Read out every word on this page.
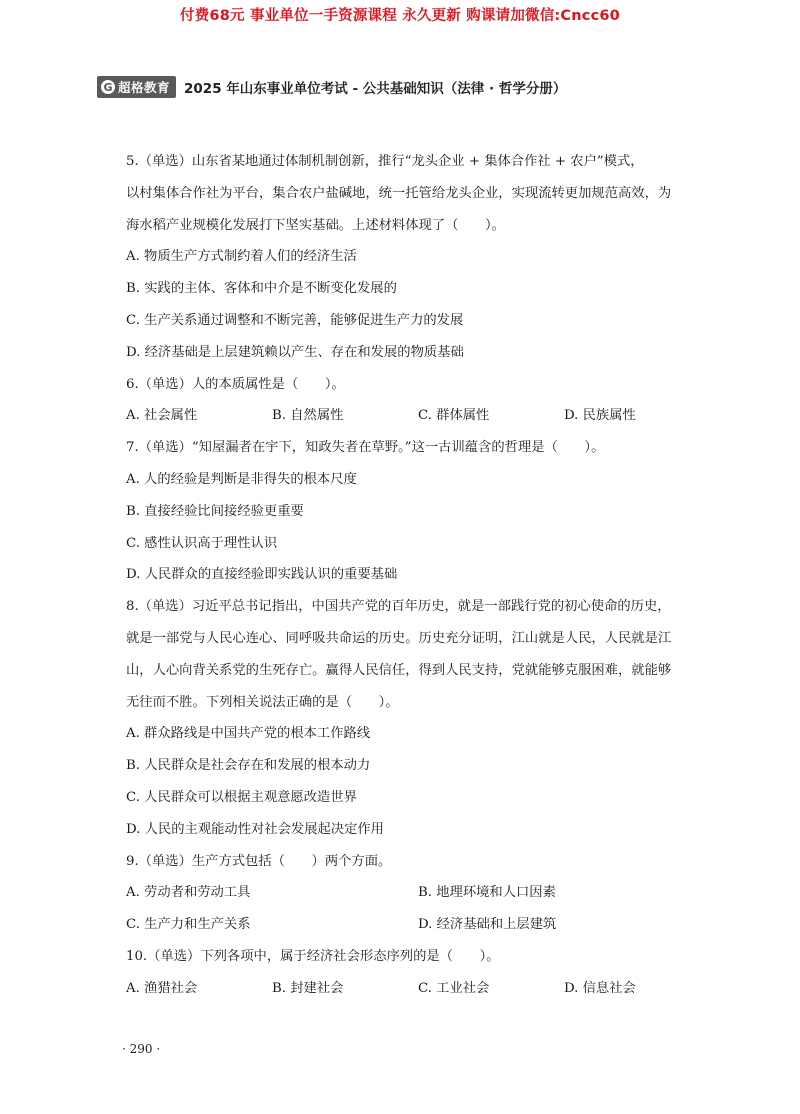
付费68元 事业单位一手资源课程 永久更新 购课请加微信:Cncc60
G 超格教育 2025 年山东事业单位考试 - 公共基础知识（法律 · 哲学分册）

5.（单选）山东省某地通过体制机制创新，推行“龙头企业 + 集体合作社 + 农户”模式，

以村集体合作社为平台，集合农户盐碱地，统一托管给龙头企业，实现流转更加规范高效，为

海水稻产业规模化发展打下坚实基础。上述材料体现了（　　）。

A. 物质生产方式制约着人们的经济生活

B. 实践的主体、客体和中介是不断变化发展的

C. 生产关系通过调整和不断完善，能够促进生产力的发展

D. 经济基础是上层建筑赖以产生、存在和发展的物质基础

6.（单选）人的本质属性是（　　）。

A. 社会属性	B. 自然属性	C. 群体属性	D. 民族属性

7.（单选）“知屋漏者在宇下，知政失者在草野。”这一古训蕴含的哲理是（　　）。

A. 人的经验是判断是非得失的根本尺度

B. 直接经验比间接经验更重要

C. 感性认识高于理性认识

D. 人民群众的直接经验即实践认识的重要基础

8.（单选）习近平总书记指出，中国共产党的百年历史，就是一部践行党的初心使命的历史，

就是一部党与人民心连心、同呼吸共命运的历史。历史充分证明，江山就是人民，人民就是江

山，人心向背关系党的生死存亡。赢得人民信任，得到人民支持，党就能够克服困难，就能够

无往而不胜。下列相关说法正确的是（　　）。

A. 群众路线是中国共产党的根本工作路线

B. 人民群众是社会存在和发展的根本动力

C. 人民群众可以根据主观意愿改造世界

D. 人民的主观能动性对社会发展起决定作用

9.（单选）生产方式包括（　　）两个方面。

A. 劳动者和劳动工具	B. 地理环境和人口因素
C. 生产力和生产关系	D. 经济基础和上层建筑

10.（单选）下列各项中，属于经济社会形态序列的是（　　）。

A. 渔猎社会	B. 封建社会	C. 工业社会	D. 信息社会
· 290 ·
